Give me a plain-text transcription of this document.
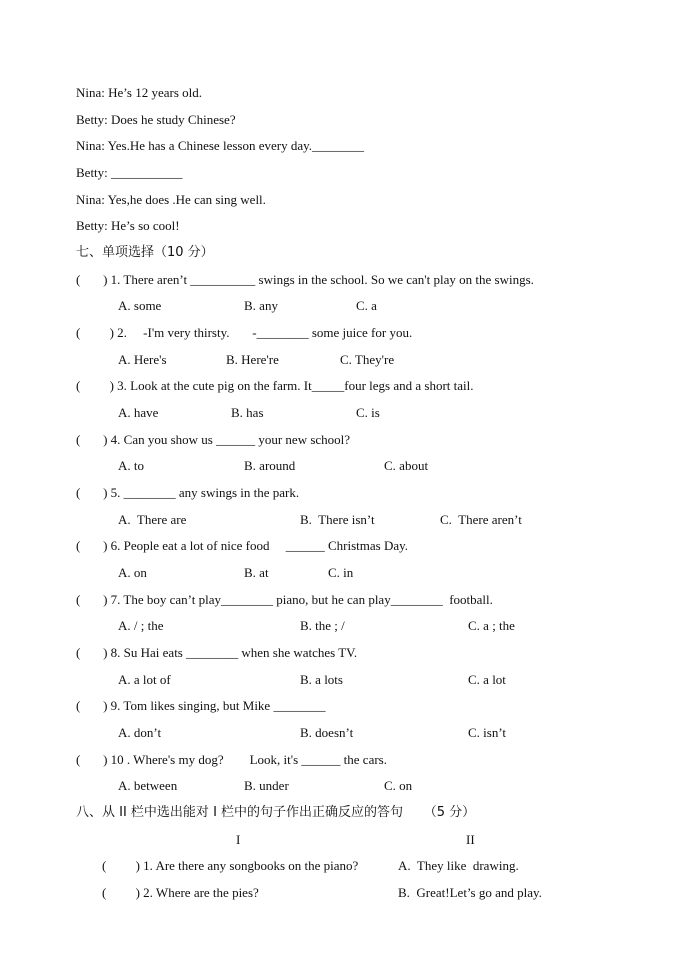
Nina: He’s 12 years old.
Betty: Does he study Chinese?
Nina: Yes.He has a Chinese lesson every day.________
Betty: ___________
Nina: Yes,he does .He can sing well.
Betty: He’s so cool!
七、单项选择（10 分）
(       ) 1. There aren’t __________ swings in the school. So we can't play on the swings.
A. some	B. any	C. a
(         ) 2.     -I'm very thirsty.       -________ some juice for you.
A. Here's	B. Here're	C. They're
(         ) 3. Look at the cute pig on the farm. It_____four legs and a short tail.
A. have	B. has	C. is
(       ) 4. Can you show us ______ your new school?
A. to	B. around	C. about
(       ) 5. ________ any swings in the park.
A.  There are	B.  There isn’t	C.  There aren’t
(       ) 6. People eat a lot of nice food     ______ Christmas Day.
A. on	B. at	C. in
(       ) 7. The boy can’t play________ piano, but he can play________  football.
A. / ; the	B. the ; /	C. a ; the
(       ) 8. Su Hai eats ________ when she watches TV.
A. a lot of	B. a lots	C. a lot
(       ) 9. Tom likes singing, but Mike ________
A. don’t	B. doesn’t	C. isn’t
(       ) 10 . Where's my dog?        Look, it's ______ the cars.
A. between	B. under	C. on
八、从 II 栏中选出能对 I 栏中的句子作出正确反应的答句     （5 分）
I	II
(         ) 1. Are there any songbooks on the piano?	A.  They like  drawing.
(         ) 2. Where are the pies?	B.  Great!Let’s go and play.
